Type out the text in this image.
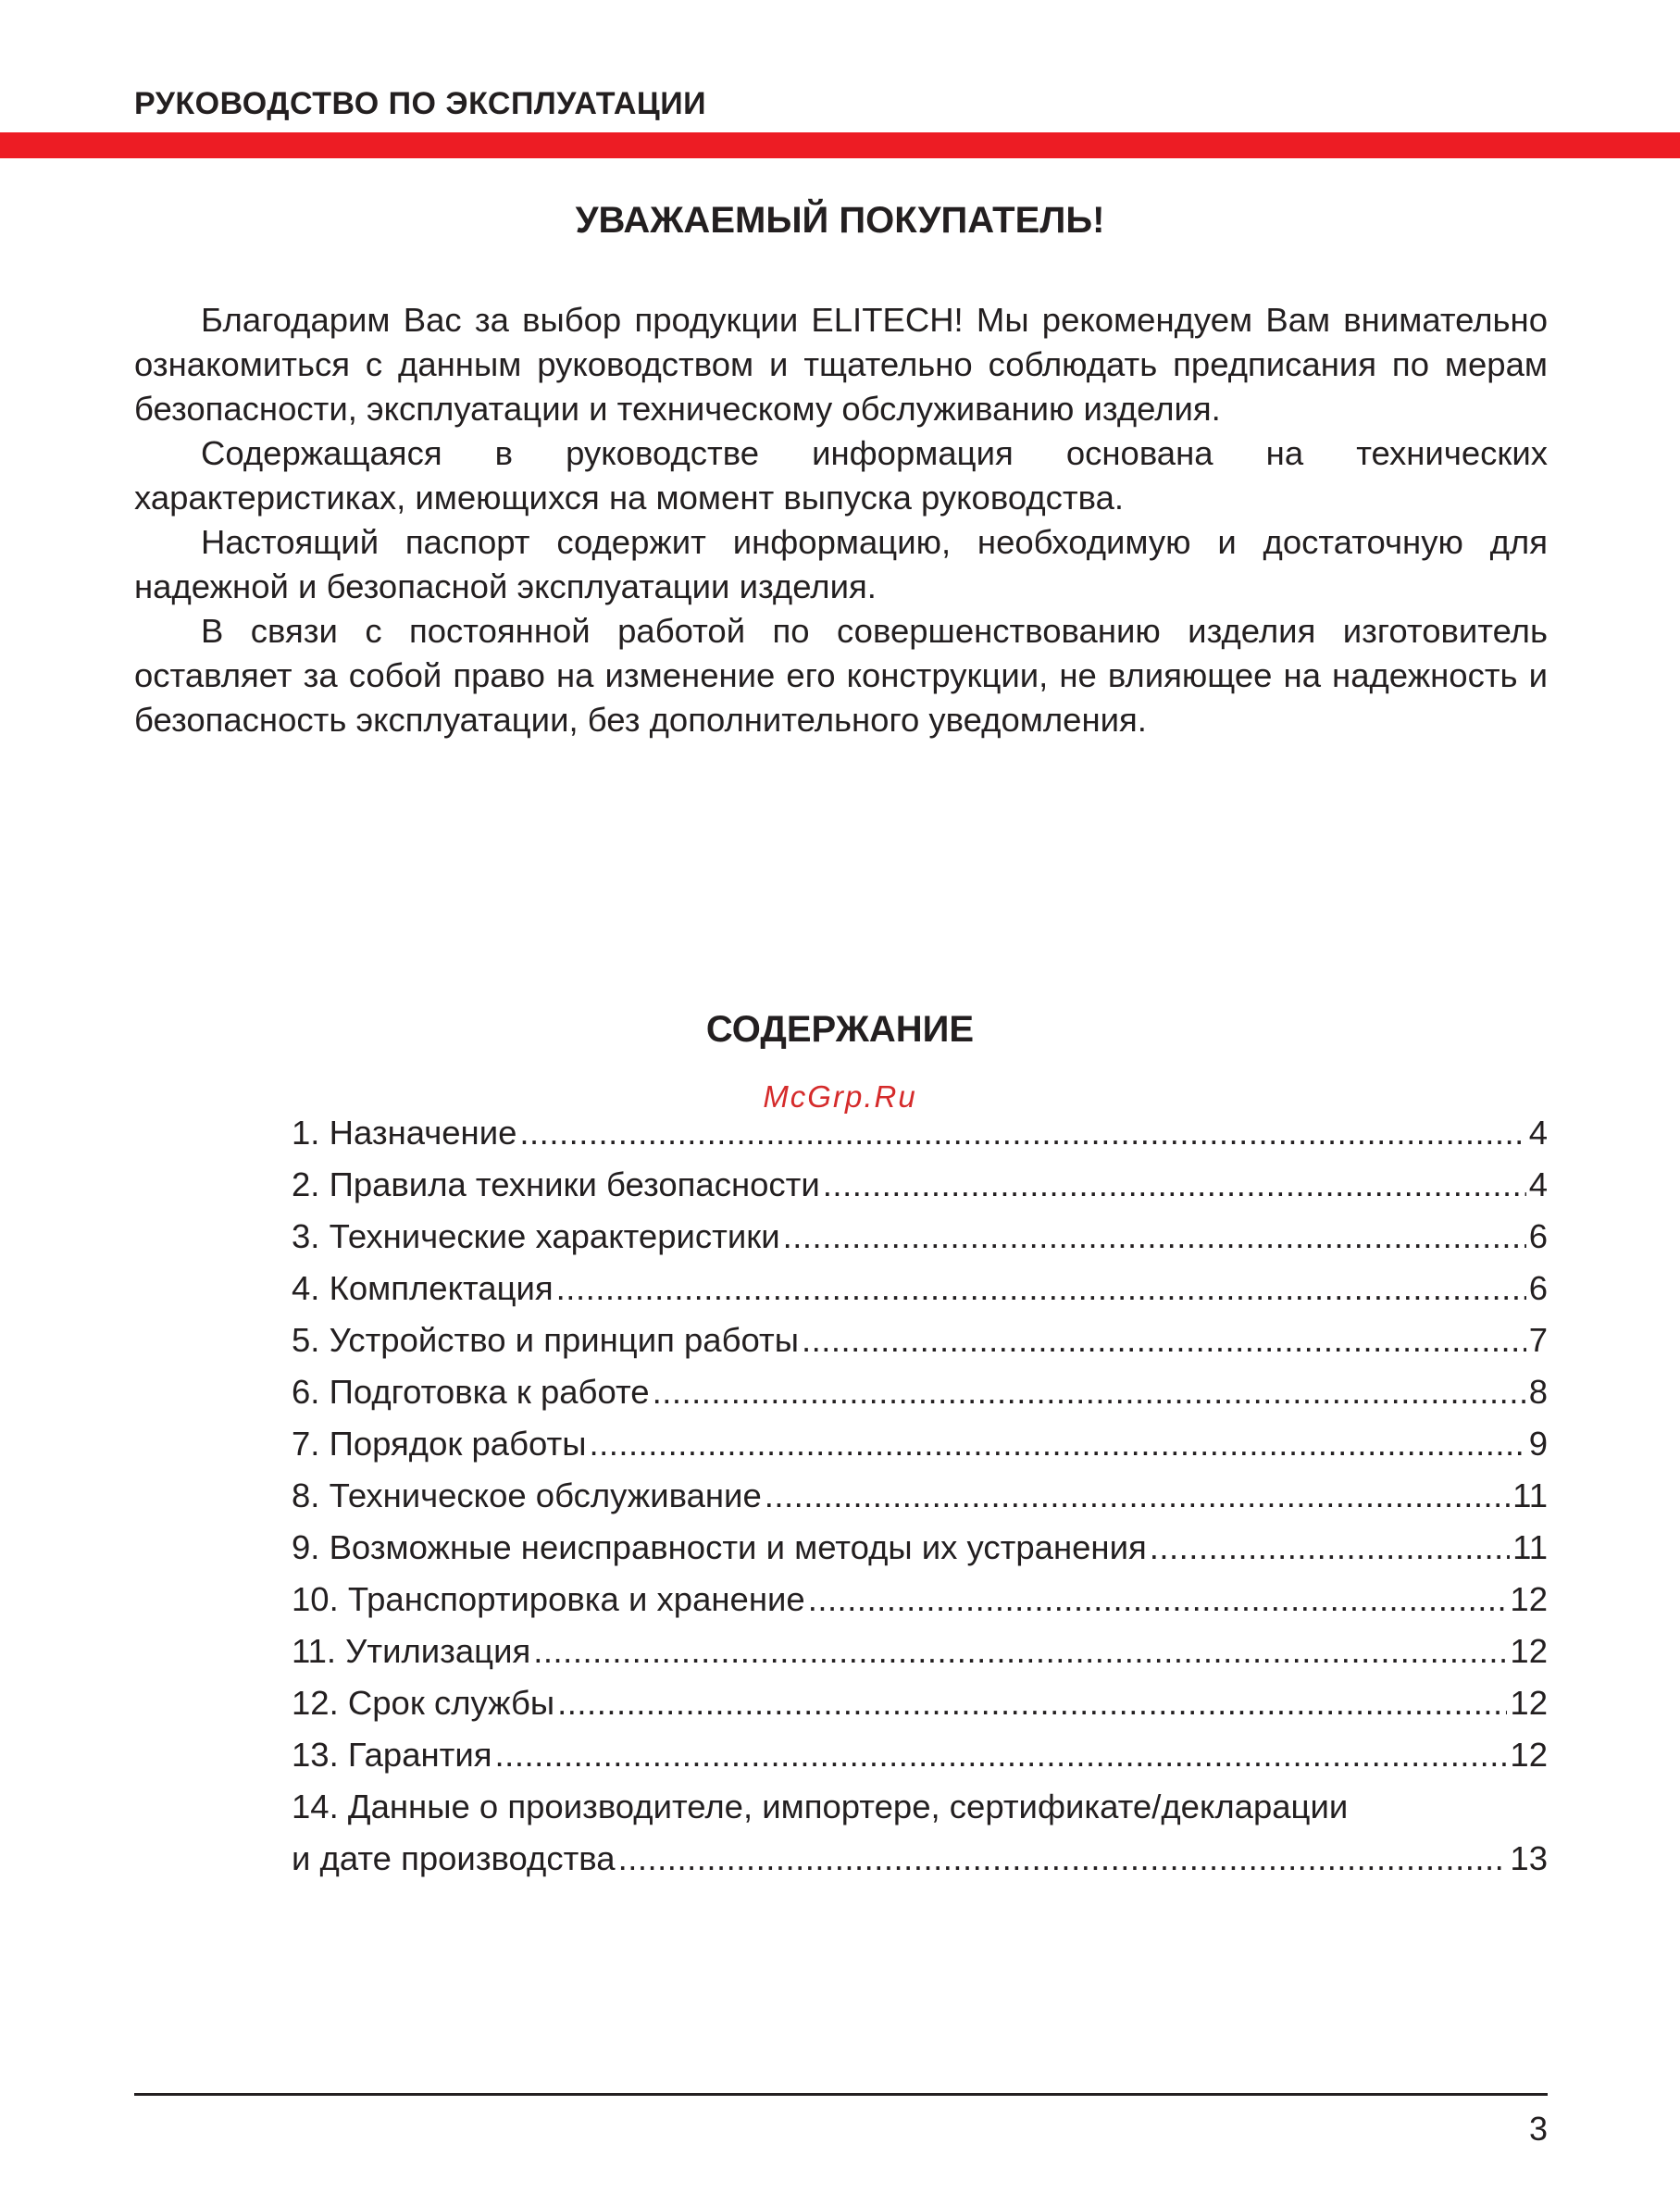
РУКОВОДСТВО ПО ЭКСПЛУАТАЦИИ
УВАЖАЕМЫЙ ПОКУПАТЕЛЬ!

Благодарим Вас за выбор продукции ELITECH! Мы рекомендуем Вам внимательно ознакомиться с данным руководством и тщательно соблюдать предписания по мерам безопасности, эксплуатации и техническому обслуживанию изделия.

Содержащаяся в руководстве информация основана на технических характеристиках, имеющихся на момент выпуска руководства.

Настоящий паспорт содержит информацию, необходимую и достаточную для надежной и безопасной эксплуатации изделия.

В связи с постоянной работой по совершенствованию изделия изготовитель оставляет за собой право на изменение его конструкции, не влияющее на надежность и безопасность эксплуатации, без дополнительного уведомления.

СОДЕРЖАНИЕ
McGrp.Ru
1. Назначение .....	4
2. Правила техники безопасности .....	4
3. Технические характеристики .....	6
4. Комплектация .....	6
5. Устройство и принцип работы .....	7
6. Подготовка к работе .....	8
7. Порядок работы .....	9
8. Техническое обслуживание .....	11
9. Возможные неисправности и методы их устранения .....	11
10. Транспортировка и хранение .....	12
11. Утилизация .....	12
12. Срок службы .....	12
13. Гарантия .....	12
14. Данные о производителе, импортере, сертификате/декларации
и дате производства .....	13
3
